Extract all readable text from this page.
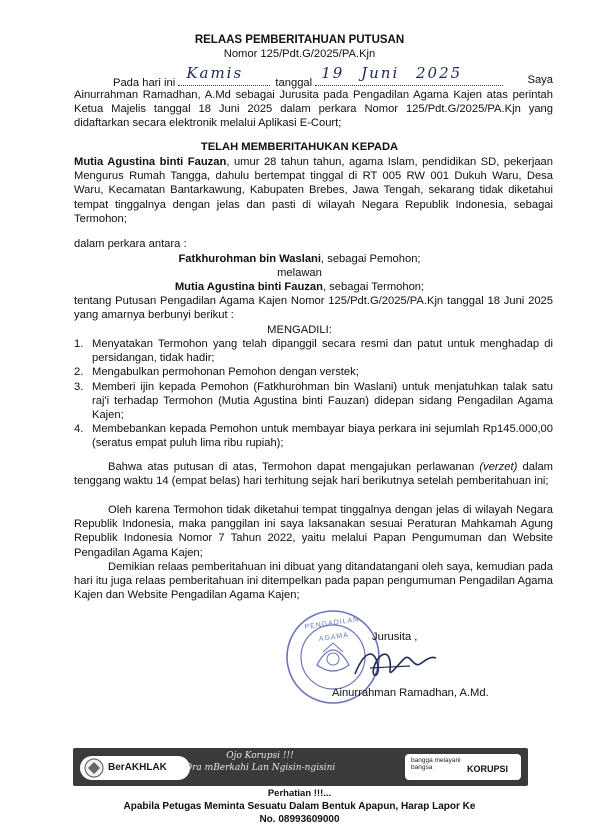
RELAAS PEMBERITAHUAN PUTUSAN
Nomor 125/Pdt.G/2025/PA.Kjn
Pada hari ini
Kamis
tanggal
19 Juni 2025	Saya
Ainurrahman Ramadhan, A.Md sebagai Jurusita pada Pengadilan Agama Kajen atas perintah Ketua Majelis tanggal 18 Juni 2025 dalam perkara Nomor 125/Pdt.G/2025/PA.Kjn yang didaftarkan secara elektronik melalui Aplikasi E-Court;
TELAH MEMBERITAHUKAN KEPADA
Mutia Agustina binti Fauzan, umur 28 tahun tahun, agama Islam, pendidikan SD, pekerjaan Mengurus Rumah Tangga, dahulu bertempat tinggal di RT 005 RW 001 Dukuh Waru, Desa Waru, Kecamatan Bantarkawung, Kabupaten Brebes, Jawa Tengah, sekarang tidak diketahui tempat tinggalnya dengan jelas dan pasti di wilayah Negara Republik Indonesia, sebagai Termohon;
dalam perkara antara :
Fatkhurohman bin Waslani, sebagai Pemohon;
melawan
Mutia Agustina binti Fauzan, sebagai Termohon;
tentang Putusan Pengadilan Agama Kajen Nomor 125/Pdt.G/2025/PA.Kjn tanggal 18 Juni 2025 yang amarnya berbunyi berikut :
MENGADILI:
1. Menyatakan Termohon yang telah dipanggil secara resmi dan patut untuk menghadap di persidangan, tidak hadir;
2. Mengabulkan permohonan Pemohon dengan verstek;
3. Memberi ijin kepada Pemohon (Fatkhurohman bin Waslani) untuk menjatuhkan talak satu raj'i terhadap Termohon (Mutia Agustina binti Fauzan) didepan sidang Pengadilan Agama Kajen;
4. Membebankan kepada Pemohon untuk membayar biaya perkara ini sejumlah Rp145.000,00 (seratus empat puluh lima ribu rupiah);
Bahwa atas putusan di atas, Termohon dapat mengajukan perlawanan (verzet) dalam tenggang waktu 14 (empat belas) hari terhitung sejak hari berikutnya setelah pemberitahuan ini;
Oleh karena Termohon tidak diketahui tempat tinggalnya dengan jelas di wilayah Negara Republik Indonesia, maka panggilan ini saya laksanakan sesuai Peraturan Mahkamah Agung Republik Indonesia Nomor 7 Tahun 2022, yaitu melalui Papan Pengumuman dan Website Pengadilan Agama Kajen;
Demikian relaas pemberitahuan ini dibuat yang ditandatangani oleh saya, kemudian pada hari itu juga relaas pemberitahuan ini ditempelkan pada papan pengumuman Pengadilan Agama Kajen dan Website Pengadilan Agama Kajen;
PENGADILAN AGAMA	Jurusita ,
Ainurrahman Ramadhan, A.Md.
BerAKHLAK
Ojo Korupsi !!!
Ora mBerkahi Lan Ngisin-ngisini
bangga melayani bangsa	KORUPSI
Perhatian !!!...
Apabila Petugas Meminta Sesuatu Dalam Bentuk Apapun, Harap Lapor Ke
No. 08993609000
